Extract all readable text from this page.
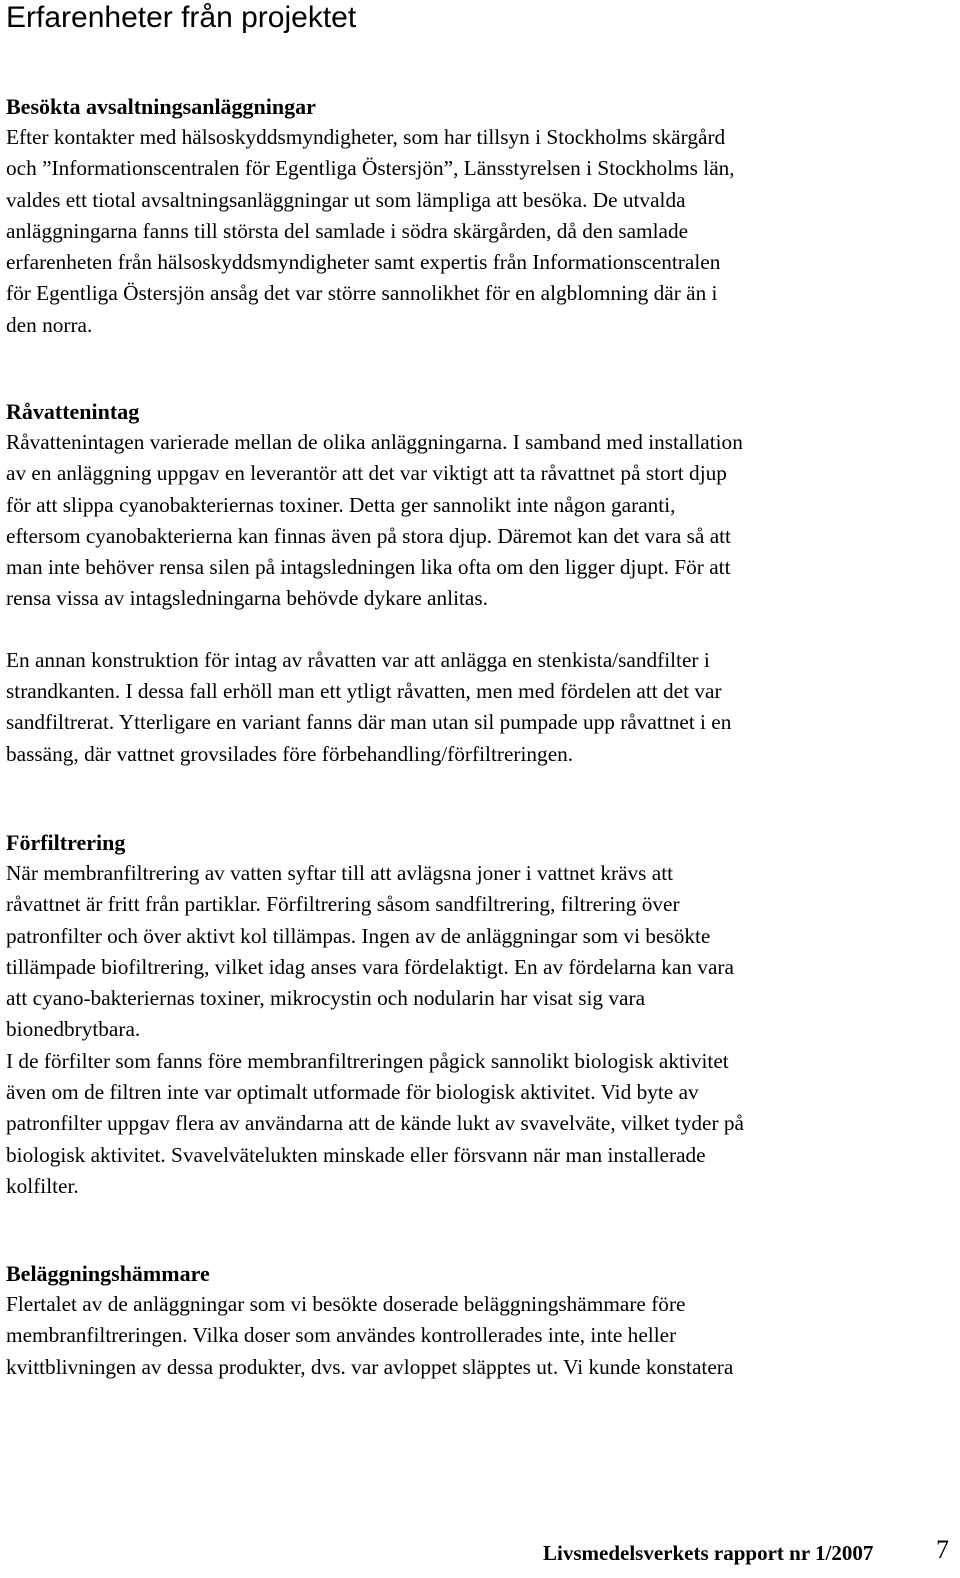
Erfarenheter från projektet
Besökta avsaltningsanläggningar
Efter kontakter med hälsoskyddsmyndigheter, som har tillsyn i Stockholms skärgård
och ”Informationscentralen för Egentliga Östersjön”, Länsstyrelsen i Stockholms län,
valdes ett tiotal avsaltningsanläggningar ut som lämpliga att besöka. De utvalda
anläggningarna fanns till största del samlade i södra skärgården, då den samlade
erfarenheten från hälsoskyddsmyndigheter samt expertis från Informationscentralen
för Egentliga Östersjön ansåg det var större sannolikhet för en algblomning där än i
den norra.
Råvattenintag
Råvattenintagen varierade mellan de olika anläggningarna. I samband med installation
av en anläggning uppgav en leverantör att det var viktigt att ta råvattnet på stort djup
för att slippa cyanobakteriernas toxiner. Detta ger sannolikt inte någon garanti,
eftersom cyanobakterierna kan finnas även på stora djup. Däremot kan det vara så att
man inte behöver rensa silen på intagsledningen lika ofta om den ligger djupt. För att
rensa vissa av intagsledningarna behövde dykare anlitas.
En annan konstruktion för intag av råvatten var att anlägga en stenkista/sandfilter i
strandkanten. I dessa fall erhöll man ett ytligt råvatten, men med fördelen att det var
sandfiltrerat. Ytterligare en variant fanns där man utan sil pumpade upp råvattnet i en
bassäng, där vattnet grovsilades före förbehandling/förfiltreringen.
Förfiltrering
När membranfiltrering av vatten syftar till att avlägsna joner i vattnet krävs att
råvattnet är fritt från partiklar. Förfiltrering såsom sandfiltrering, filtrering över
patronfilter och över aktivt kol tillämpas. Ingen av de anläggningar som vi besökte
tillämpade biofiltrering, vilket idag anses vara fördelaktigt. En av fördelarna kan vara
att cyano-bakteriernas toxiner, mikrocystin och nodularin har visat sig vara
bionedbrytbara.
I de förfilter som fanns före membranfiltreringen pågick sannolikt biologisk aktivitet
även om de filtren inte var optimalt utformade för biologisk aktivitet. Vid byte av
patronfilter uppgav flera av användarna att de kände lukt av svavelväte, vilket tyder på
biologisk aktivitet. Svavelvätelukten minskade eller försvann när man installerade
kolfilter.
Beläggningshämmare
Flertalet av de anläggningar som vi besökte doserade beläggningshämmare före
membranfiltreringen. Vilka doser som användes kontrollerades inte, inte heller
kvittblivningen av dessa produkter, dvs. var avloppet släpptes ut. Vi kunde konstatera
Livsmedelsverkets rapport nr 1/2007 7
